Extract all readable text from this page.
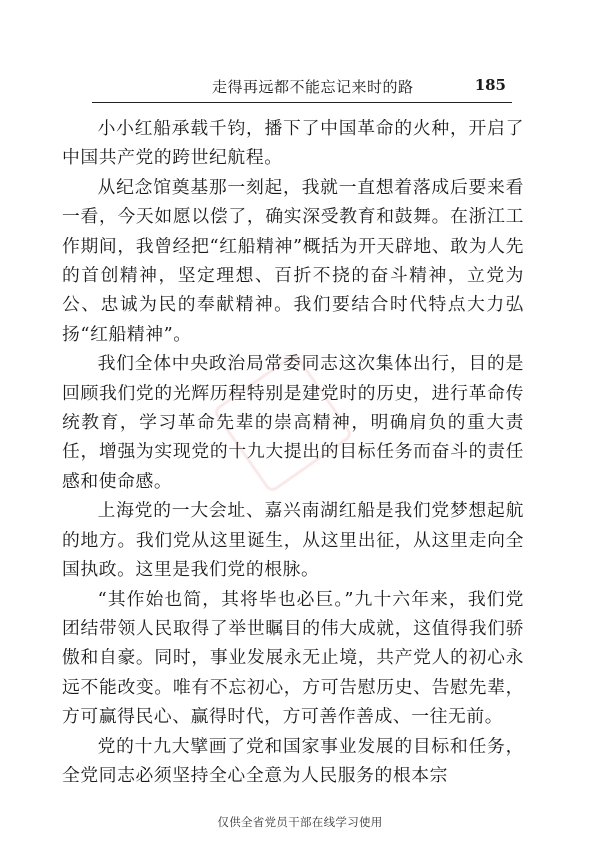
走得再远都不能忘记来时的路	185

小小红船承载千钧，播下了中国革命的火种，开启了中国共产党的跨世纪航程。

从纪念馆奠基那一刻起，我就一直想着落成后要来看一看，今天如愿以偿了，确实深受教育和鼓舞。在浙江工作期间，我曾经把“红船精神”概括为开天辟地、敢为人先的首创精神，坚定理想、百折不挠的奋斗精神，立党为公、忠诚为民的奉献精神。我们要结合时代特点大力弘扬“红船精神”。

我们全体中央政治局常委同志这次集体出行，目的是回顾我们党的光辉历程特别是建党时的历史，进行革命传统教育，学习革命先辈的崇高精神，明确肩负的重大责任，增强为实现党的十九大提出的目标任务而奋斗的责任感和使命感。

上海党的一大会址、嘉兴南湖红船是我们党梦想起航的地方。我们党从这里诞生，从这里出征，从这里走向全国执政。这里是我们党的根脉。

“其作始也简，其将毕也必巨。”九十六年来，我们党团结带领人民取得了举世瞩目的伟大成就，这值得我们骄傲和自豪。同时，事业发展永无止境，共产党人的初心永远不能改变。唯有不忘初心，方可告慰历史、告慰先辈，方可赢得民心、赢得时代，方可善作善成、一往无前。

党的十九大擘画了党和国家事业发展的目标和任务，全党同志必须坚持全心全意为人民服务的根本宗

仅供全省党员干部在线学习使用
